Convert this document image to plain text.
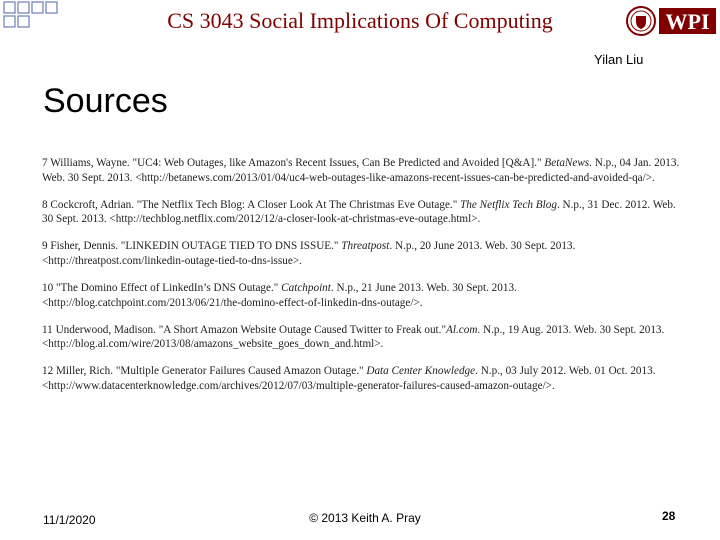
CS 3043 Social Implications Of Computing	WPI
Yilan Liu
Sources

7 Williams, Wayne. "UC4: Web Outages, like Amazon's Recent Issues, Can Be Predicted and Avoided [Q&A]." BetaNews. N.p., 04 Jan. 2013. Web. 30 Sept. 2013. <http://betanews.com/2013/01/04/uc4-web-outages-like-amazons-recent-issues-can-be-predicted-and-avoided-qa/>.

8 Cockcroft, Adrian. "The Netflix Tech Blog: A Closer Look At The Christmas Eve Outage." The Netflix Tech Blog. N.p., 31 Dec. 2012. Web. 30 Sept. 2013. <http://techblog.netflix.com/2012/12/a-closer-look-at-christmas-eve-outage.html>.

9 Fisher, Dennis. "LINKEDIN OUTAGE TIED TO DNS ISSUE." Threatpost. N.p., 20 June 2013. Web. 30 Sept. 2013. <http://threatpost.com/linkedin-outage-tied-to-dns-issue>.

10 "The Domino Effect of LinkedIn’s DNS Outage." Catchpoint. N.p., 21 June 2013. Web. 30 Sept. 2013. <http://blog.catchpoint.com/2013/06/21/the-domino-effect-of-linkedin-dns-outage/>.

11 Underwood, Madison. "A Short Amazon Website Outage Caused Twitter to Freak out."Al.com. N.p., 19 Aug. 2013. Web. 30 Sept. 2013. <http://blog.al.com/wire/2013/08/amazons_website_goes_down_and.html>.

12 Miller, Rich. "Multiple Generator Failures Caused Amazon Outage." Data Center Knowledge. N.p., 03 July 2012. Web. 01 Oct. 2013. <http://www.datacenterknowledge.com/archives/2012/07/03/multiple-generator-failures-caused-amazon-outage/>.

11/1/2020	© 2013 Keith A. Pray	28
